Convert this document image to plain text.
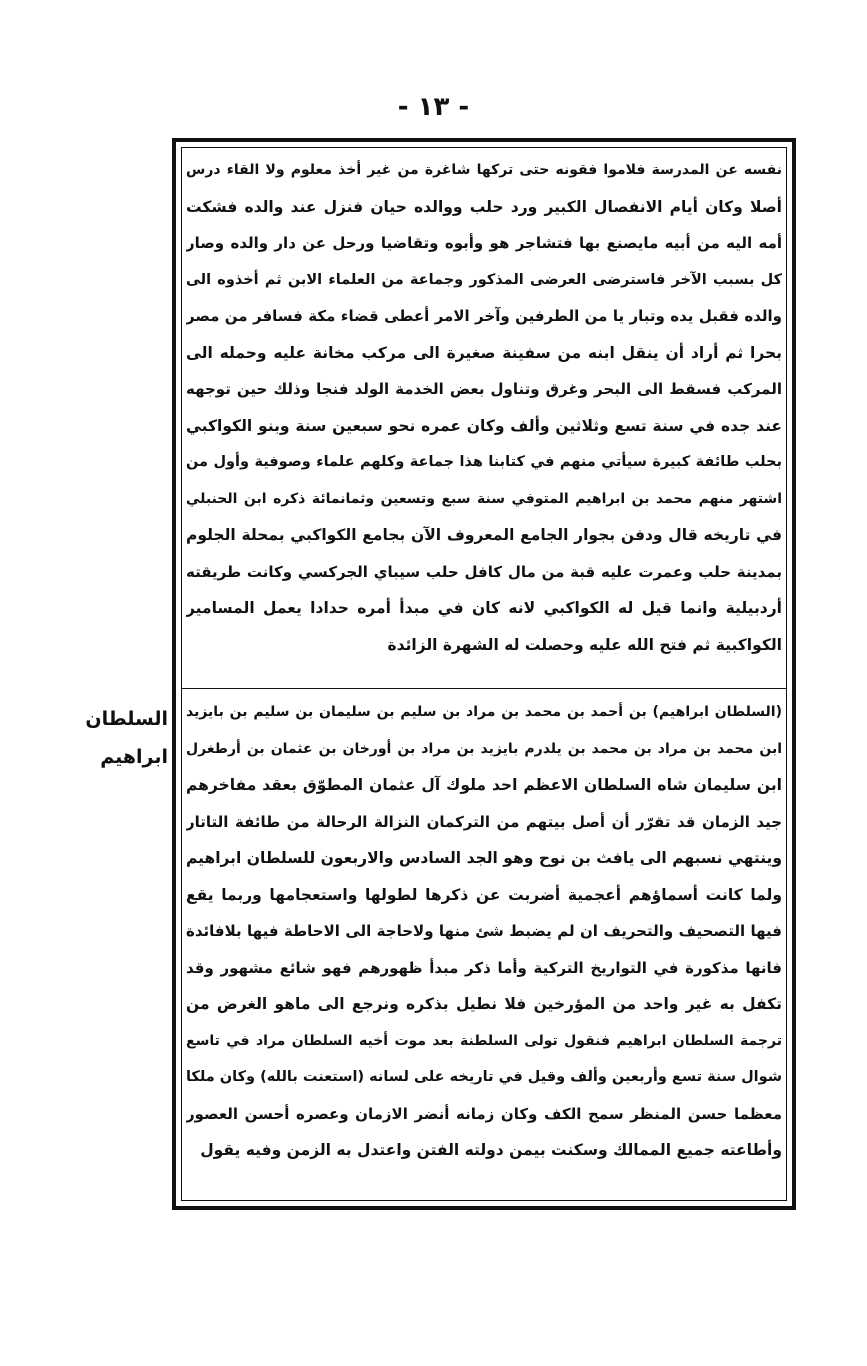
- ١٣ -
السلطان
ابراهيم
نفسه عن المدرسة فلاموا فقونه حتى تركها شاغرة من غير أخذ معلوم ولا القاء درس
أصلا وكان أيام الانفصال الكبير ورد حلب ووالده حيان فنزل عند والده فشكت
أمه اليه من أبيه مايصنع بها فتشاجر هو وأبوه وتقاضيا ورحل عن دار والده وصار
كل بسبب الآخر فاسترضى العرضى المذكور وجماعة من العلماء الابن ثم أخذوه الى
والده فقبل يده وتبار يا من الطرفين وآخر الامر أعطى قضاء مكة فسافر من مصر
بحرا ثم أراد أن ينقل ابنه من سفينة صغيرة الى مركب مخانة عليه وحمله الى
المركب فسقط الى البحر وغرق وتناول بعض الخدمة الولد فنجا وذلك حين توجهه
عند جده في سنة تسع وثلاثين وألف وكان عمره نحو سبعين سنة وبنو الكواكبي
بحلب طائفة كبيرة سيأتي منهم في كتابنا هذا جماعة وكلهم علماء وصوفية وأول من
اشتهر منهم محمد بن ابراهيم المتوفي سنة سبع وتسعين وثمانمائة ذكره ابن الحنبلي
في تاريخه قال ودفن بجوار الجامع المعروف الآن بجامع الكواكبي بمحلة الجلوم
بمدينة حلب وعمرت عليه قبة من مال كافل حلب سيباي الجركسي وكانت طريقته
أردبيلية وانما قيل له الكواكبي لانه كان في مبدأ أمره حدادا يعمل المسامير
الكواكبية ثم فتح الله عليه وحصلت له الشهرة الزائدة
(السلطان ابراهيم) بن أحمد بن محمد بن مراد بن سليم بن سليمان بن سليم بن بايزيد
ابن محمد بن مراد بن محمد بن يلدرم بايزيد بن مراد بن أورخان بن عثمان بن أرطغرل
ابن سليمان شاه السلطان الاعظم احد ملوك آل عثمان المطوّق بعقد مفاخرهم
جيد الزمان قد تقرّر أن أصل بيتهم من التركمان النزالة الرحالة من طائفة التاتار
وينتهي نسبهم الى يافث بن نوح وهو الجد السادس والاربعون للسلطان ابراهيم
ولما كانت أسماؤهم أعجمية أضربت عن ذكرها لطولها واستعجامها وربما يقع
فيها التصحيف والتحريف ان لم يضبط شئ منها ولاحاجة الى الاحاطة فيها بلافائدة
فانها مذكورة في التواريخ التركية وأما ذكر مبدأ ظهورهم فهو شائع مشهور وقد
تكفل به غير واحد من المؤرخين فلا نطيل بذكره ونرجع الى ماهو الغرض من
ترجمة السلطان ابراهيم فنقول تولى السلطنة بعد موت أخيه السلطان مراد في تاسع
شوال سنة تسع وأربعين وألف وقيل في تاريخه على لسانه (استعنت بالله) وكان ملكا
معظما حسن المنظر سمح الكف وكان زمانه أنضر الازمان وعصره أحسن العصور
وأطاعته جميع الممالك وسكنت بيمن دولته الفتن واعتدل به الزمن وفيه يقول
